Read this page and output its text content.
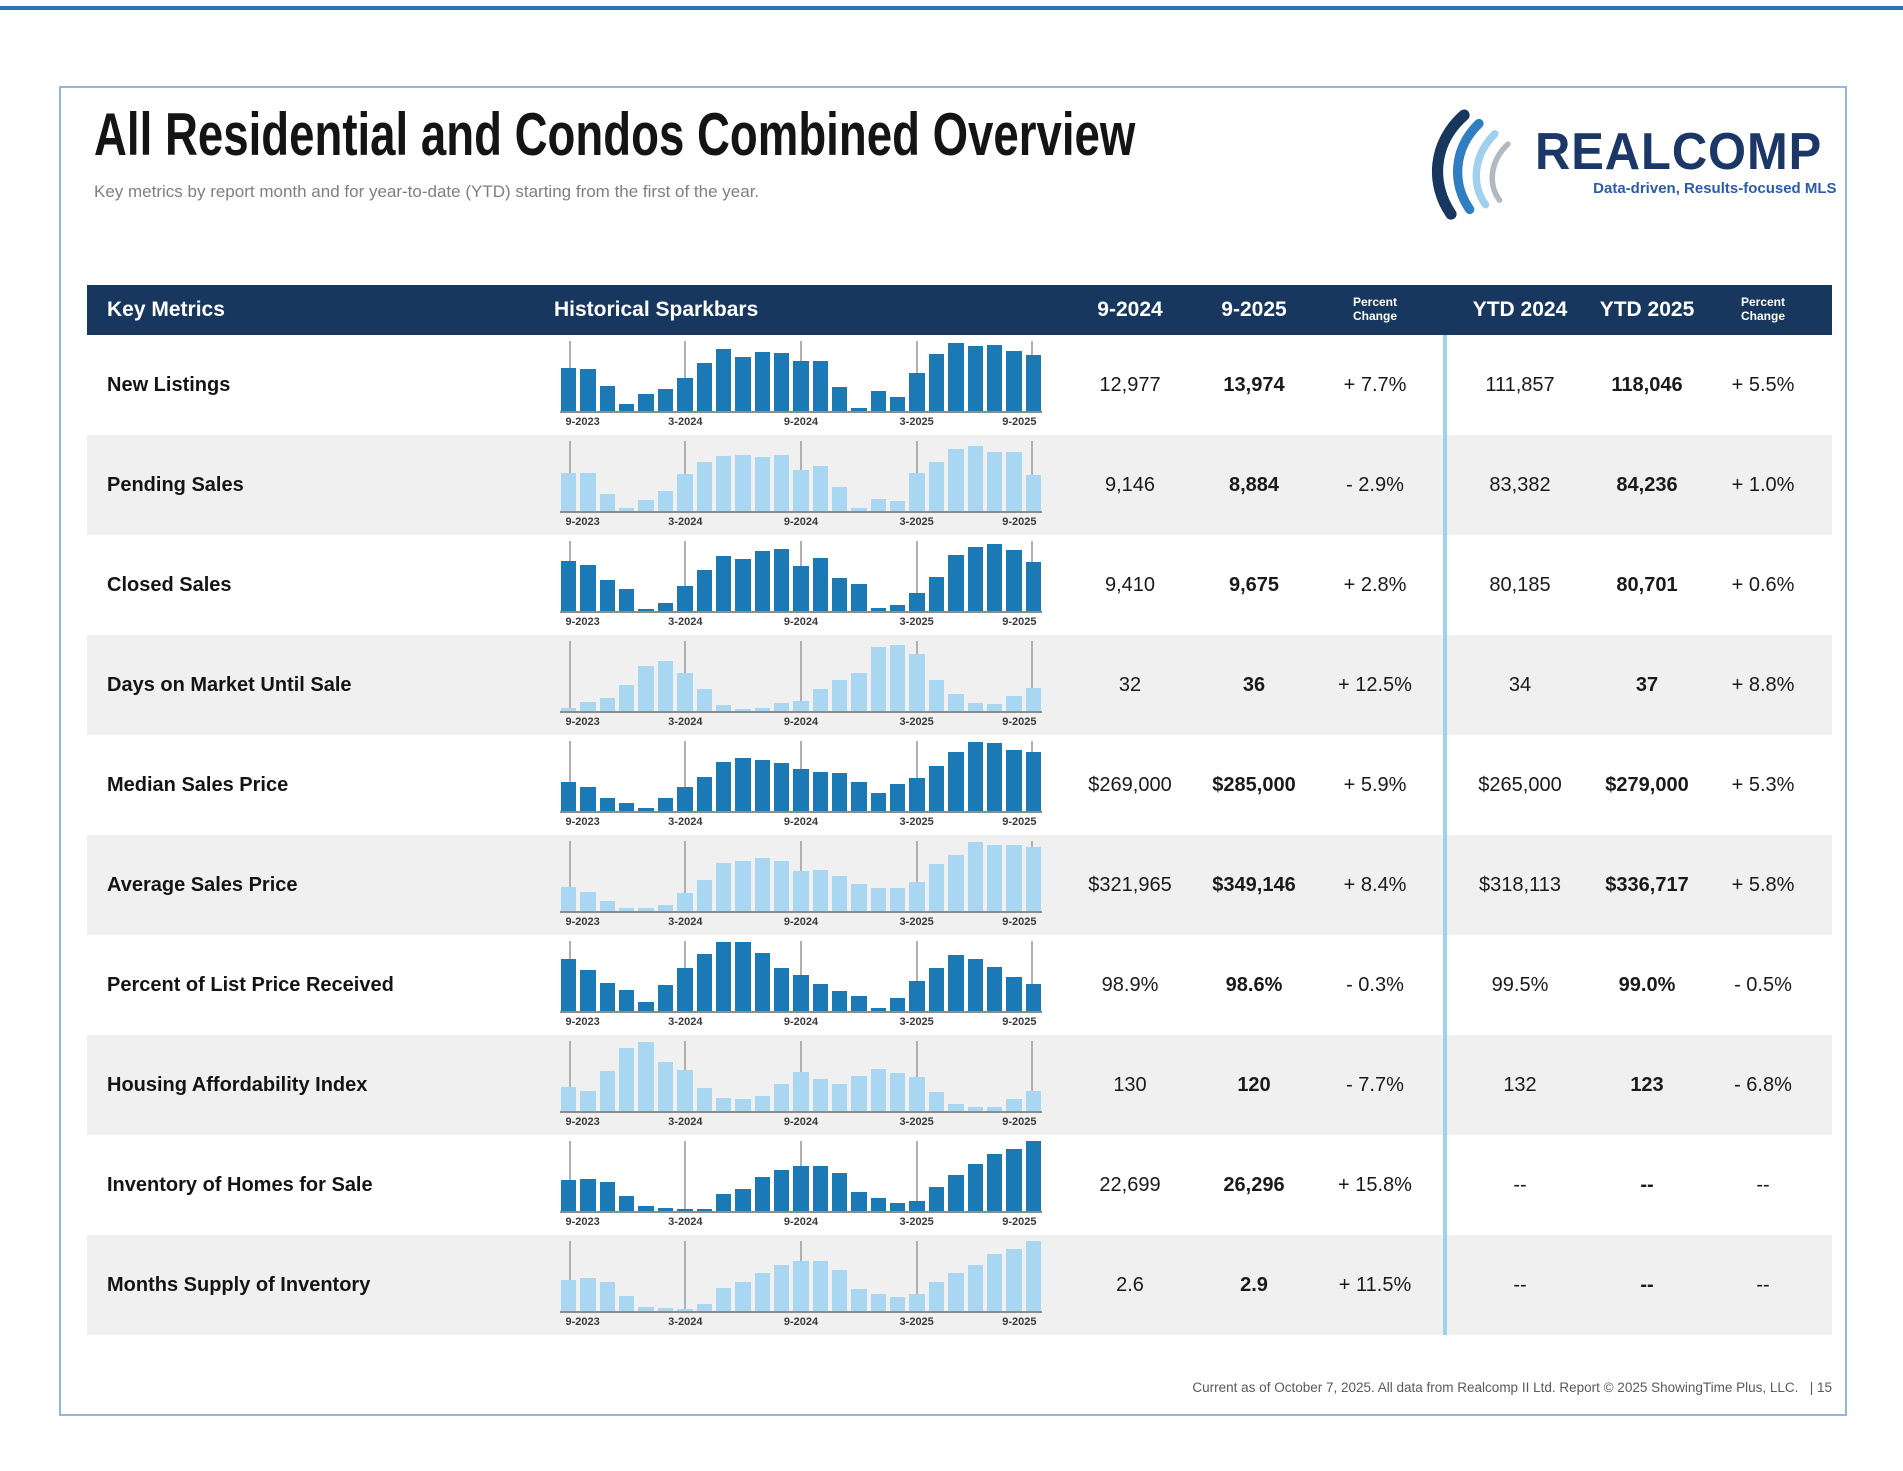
All Residential and Condos Combined Overview
Key metrics by report month and for year-to-date (YTD) starting from the first of the year.
REALCOMP
Data-driven, Results-focused MLS
Key Metrics	Historical Sparkbars	9-2024	9-2025	Percent Change	YTD 2024	YTD 2025	Percent Change
New Listings
9-2023	3-2024	9-2024	3-2025	9-2025
12,977	13,974	+ 7.7%	111,857	118,046	+ 5.5%
Pending Sales
9-2023	3-2024	9-2024	3-2025	9-2025
9,146	8,884	- 2.9%	83,382	84,236	+ 1.0%
Closed Sales
9-2023	3-2024	9-2024	3-2025	9-2025
9,410	9,675	+ 2.8%	80,185	80,701	+ 0.6%
Days on Market Until Sale
9-2023	3-2024	9-2024	3-2025	9-2025
32	36	+ 12.5%	34	37	+ 8.8%
Median Sales Price
9-2023	3-2024	9-2024	3-2025	9-2025
$269,000	$285,000	+ 5.9%	$265,000	$279,000	+ 5.3%
Average Sales Price
9-2023	3-2024	9-2024	3-2025	9-2025
$321,965	$349,146	+ 8.4%	$318,113	$336,717	+ 5.8%
Percent of List Price Received
9-2023	3-2024	9-2024	3-2025	9-2025
98.9%	98.6%	- 0.3%	99.5%	99.0%	- 0.5%
Housing Affordability Index
9-2023	3-2024	9-2024	3-2025	9-2025
130	120	- 7.7%	132	123	- 6.8%
Inventory of Homes for Sale
9-2023	3-2024	9-2024	3-2025	9-2025
22,699	26,296	+ 15.8%	--	--	--
Months Supply of Inventory
9-2023	3-2024	9-2024	3-2025	9-2025
2.6	2.9	+ 11.5%	--	--	--
Current as of October 7, 2025. All data from Realcomp II Ltd. Report © 2025 ShowingTime Plus, LLC. | 15
